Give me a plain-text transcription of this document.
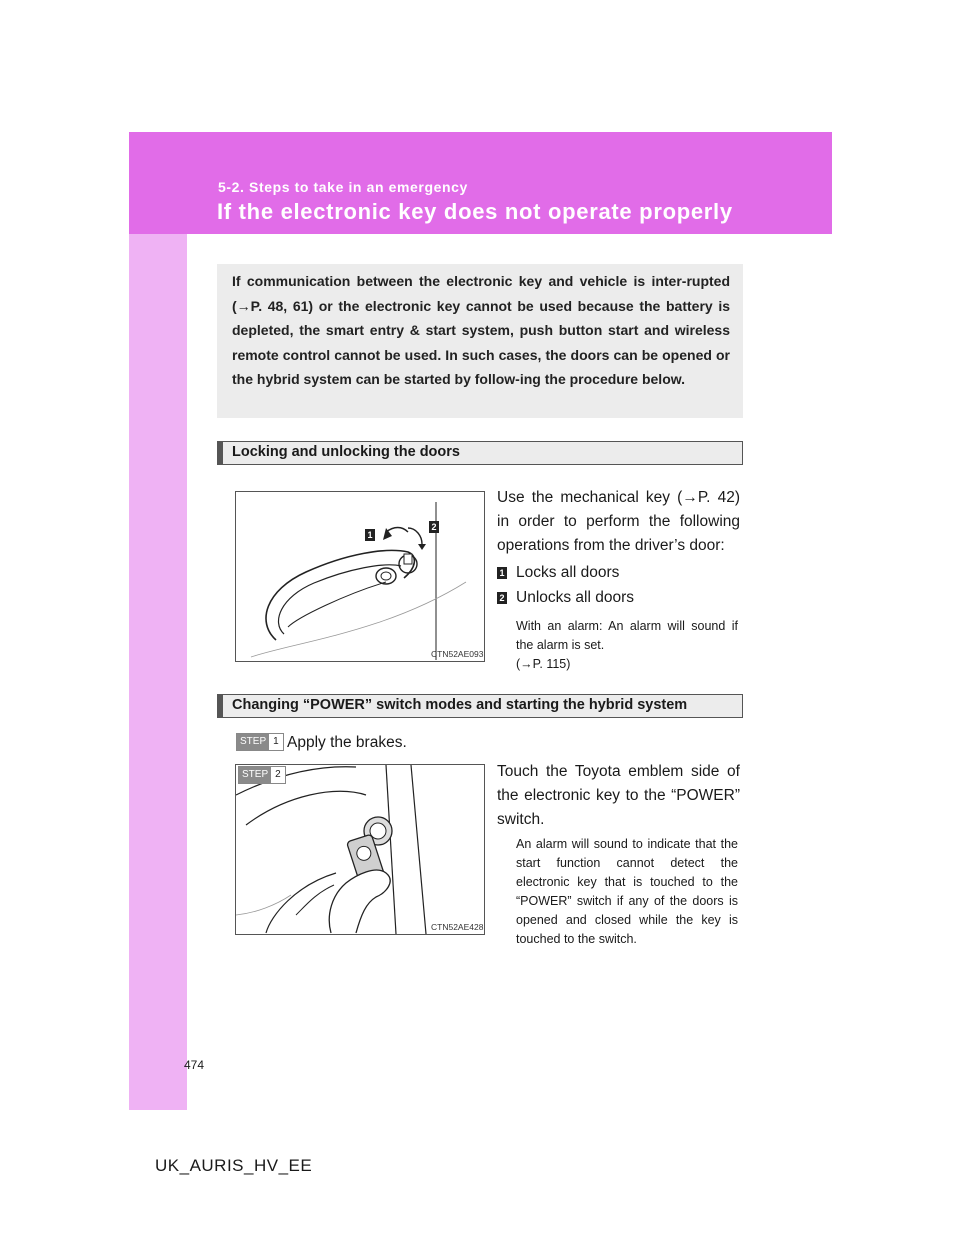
5-2. Steps to take in an emergency
If the electronic key does not operate properly
If communication between the electronic key and vehicle is inter-rupted (→P. 48, 61) or the electronic key cannot be used because the battery is depleted, the smart entry & start system, push button start and wireless remote control cannot be used. In such cases, the doors can be opened or the hybrid system can be started by follow-ing the procedure below.
Locking and unlocking the doors
1
2
CTN52AE093
Use the mechanical key (→P. 42) in order to perform the following operations from the driver’s door:
1 Locks all doors
2 Unlocks all doors
With an alarm: An alarm will sound if the alarm is set.
(→P. 115)
Changing “POWER” switch modes and starting the hybrid system
STEP 1 Apply the brakes.
STEP 2
CTN52AE428
Touch the Toyota emblem side of the electronic key to the “POWER” switch.
An alarm will sound to indicate that the start function cannot detect the electronic key that is touched to the “POWER” switch if any of the doors is opened and closed while the key is touched to the switch.
474
UK_AURIS_HV_EE
